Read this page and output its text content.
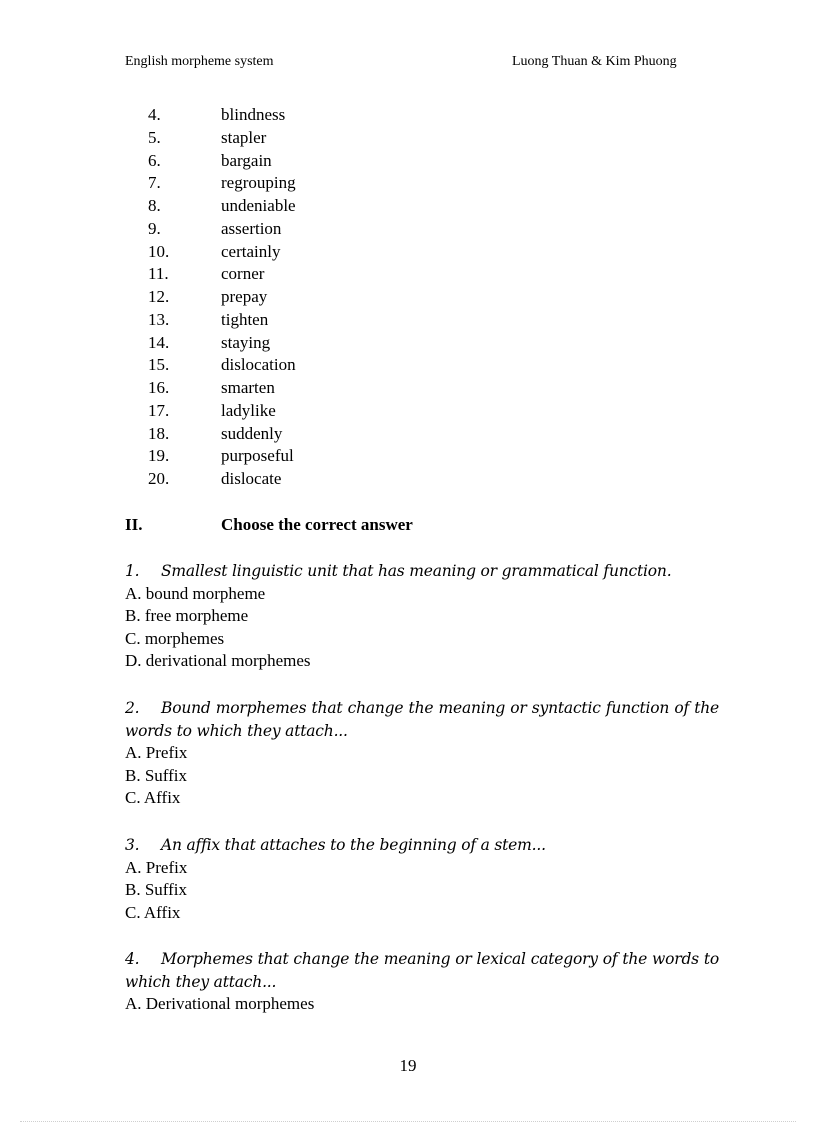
English morpheme system	Luong Thuan & Kim Phuong
4.	blindness
5.	stapler
6.	bargain
7.	regrouping
8.	undeniable
9.	assertion
10.	certainly
11.	corner
12.	prepay
13.	tighten
14.	staying
15.	dislocation
16.	smarten
17.	ladylike
18.	suddenly
19.	purposeful
20.	dislocate
II.	Choose the correct answer
1. Smallest linguistic unit that has meaning or grammatical function.
A. bound morpheme
B. free morpheme
C. morphemes
D. derivational morphemes
2. Bound morphemes that change the meaning or syntactic function of the words to which they attach...
A. Prefix
B. Suffix
C. Affix
3. An affix that attaches to the beginning of a stem...
A. Prefix
B. Suffix
C. Affix
4. Morphemes that change the meaning or lexical category of the words to which they attach...
A. Derivational morphemes
19
